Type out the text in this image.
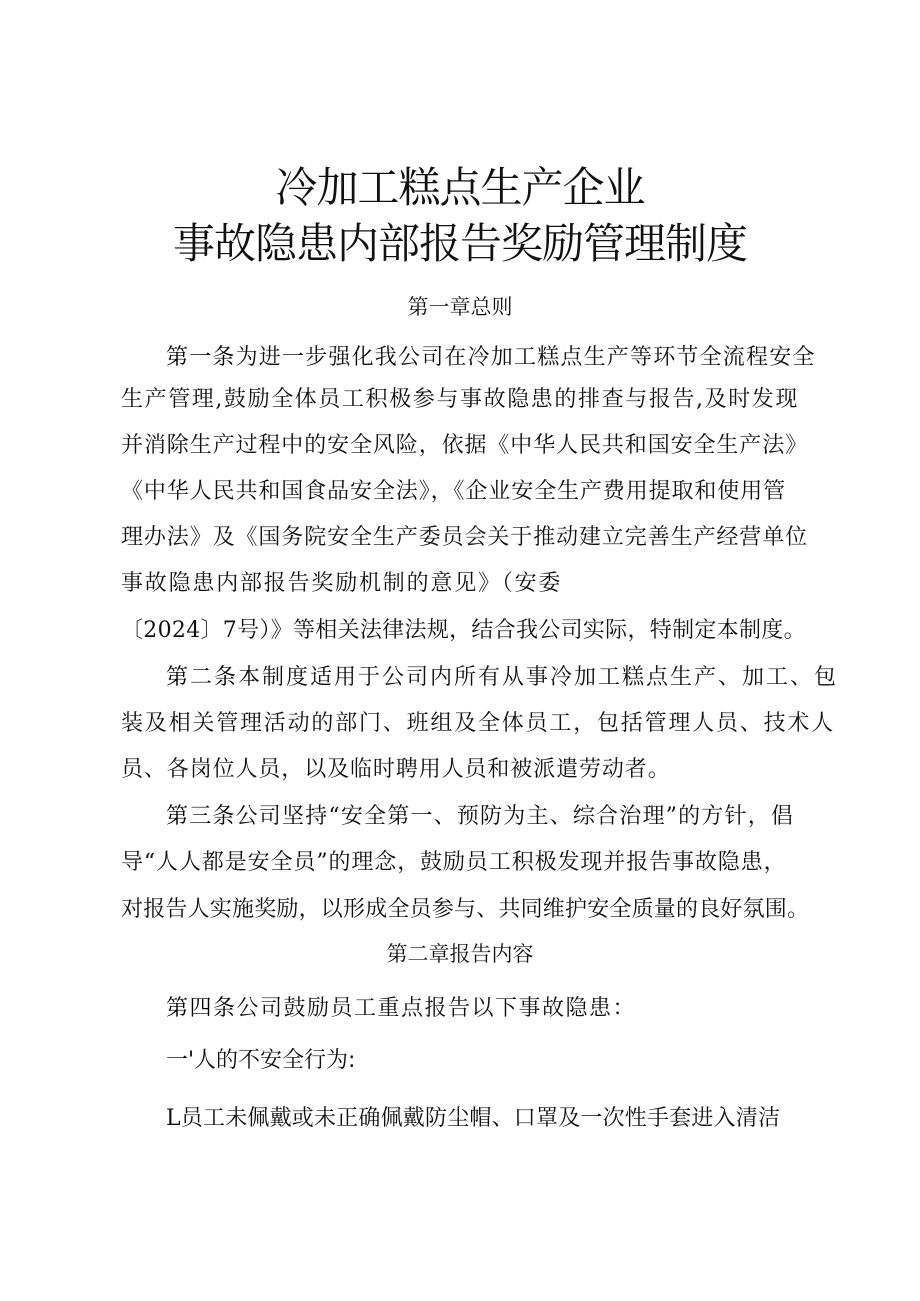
冷加工糕点生产企业
事故隐患内部报告奖励管理制度
第一章总则
第一条为进一步强化我公司在冷加工糕点生产等环节全流程安全
生产管理,鼓励全体员工积极参与事故隐患的排查与报告,及时发现
并消除生产过程中的安全风险，依据《中华人民共和国安全生产法》
《中华人民共和国食品安全法》，《企业安全生产费用提取和使用管
理办法》及《国务院安全生产委员会关于推动建立完善生产经营单位
事故隐患内部报告奖励机制的意见》（安委
〔2024〕7号）》等相关法律法规，结合我公司实际，特制定本制度。
第二条本制度适用于公司内所有从事冷加工糕点生产、加工、包
装及相关管理活动的部门、班组及全体员工，包括管理人员、技术人
员、各岗位人员，以及临时聘用人员和被派遣劳动者。
第三条公司坚持“安全第一、预防为主、综合治理”的方针，倡
导“人人都是安全员”的理念，鼓励员工积极发现并报告事故隐患，
对报告人实施奖励，以形成全员参与、共同维护安全质量的良好氛围。
第二章报告内容
第四条公司鼓励员工重点报告以下事故隐患：
一'人的不安全行为:
L员工未佩戴或未正确佩戴防尘帽、口罩及一次性手套进入清洁
